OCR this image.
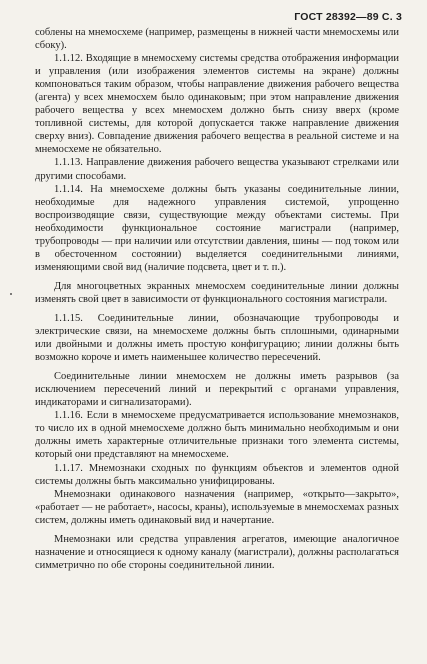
ГОСТ 28392—89 С. 3

соблены на мнемосхеме (например, размещены в нижней части мнемосхемы или сбоку).

1.1.12. Входящие в мнемосхему системы средства отображения информации и управления (или изображения элементов системы на экране) должны компоноваться таким образом, чтобы направление движения рабочего вещества (агента) у всех мнемосхем было одинаковым; при этом направление движения рабочего вещества у всех мнемосхем должно быть снизу вверх (кроме топливной системы, для которой допускается также направление движения сверху вниз). Совпадение движения рабочего вещества в реальной системе и на мнемосхеме не обязательно.

1.1.13. Направление движения рабочего вещества указывают стрелками или другими способами.

1.1.14. На мнемосхеме должны быть указаны соединительные линии, необходимые для надежного управления системой, упрощенно воспроизводящие связи, существующие между объектами системы. При необходимости функциональное состояние магистрали (например, трубопроводы — при наличии или отсутствии давления, шины — под током или в обесточенном состоянии) выделяется соединительными линиями, изменяющими свой вид (наличие подсвета, цвет и т. п.).

Для многоцветных экранных мнемосхем соединительные линии должны изменять свой цвет в зависимости от функционального состояния магистрали.

1.1.15. Соединительные линии, обозначающие трубопроводы и электрические связи, на мнемосхеме должны быть сплошными, одинарными или двойными и должны иметь простую конфигурацию; линии должны быть возможно короче и иметь наименьшее количество пересечений.

Соединительные линии мнемосхем не должны иметь разрывов (за исключением пересечений линий и перекрытий с органами управления, индикаторами и сигнализаторами).

1.1.16. Если в мнемосхеме предусматривается использование мнемознаков, то число их в одной мнемосхеме должно быть минимально необходимым и они должны иметь характерные отличительные признаки того элемента системы, который они представляют на мнемосхеме.

1.1.17. Мнемознаки сходных по функциям объектов и элементов одной системы должны быть максимально унифицированы.

Мнемознаки одинакового назначения (например, «открыто—закрыто», «работает — не работает», насосы, краны), используемые в мнемосхемах разных систем, должны иметь одинаковый вид и начертание.

Мнемознаки или средства управления агрегатов, имеющие аналогичное назначение и относящиеся к одному каналу (магистрали), должны располагаться симметрично по обе стороны соединительной линии.
